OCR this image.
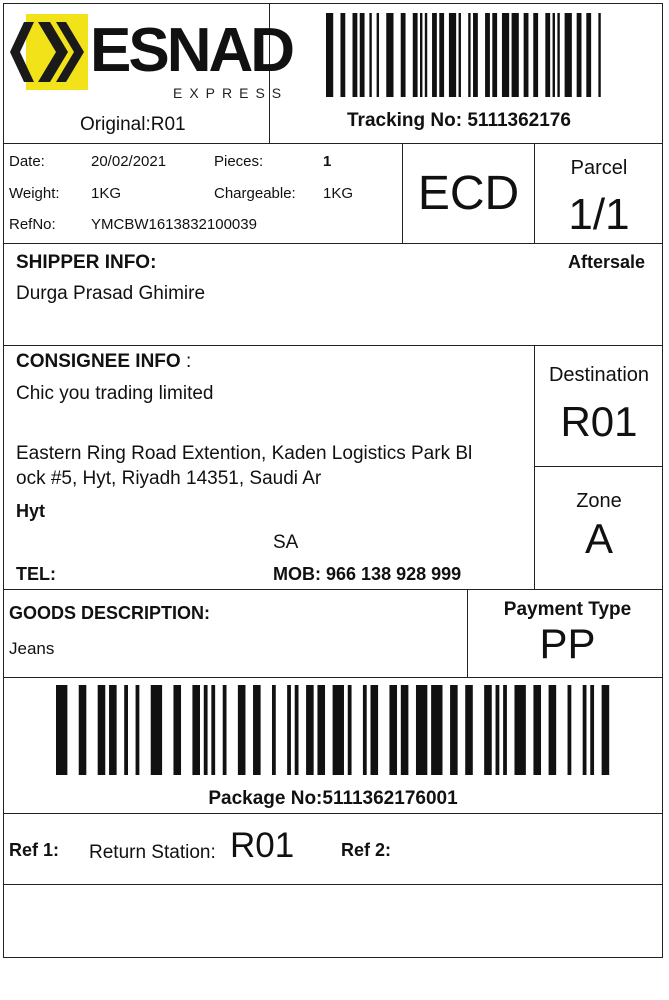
ESNAD
EXPRESS
Original:R01	Tracking No: 5111362176
Date:	20/02/2021	Pieces:	1
Weight: 1KG	Chargeable: 1KG
RefNo: YMCBW1613832100039
ECD	Parcel
1/1
SHIPPER INFO:	Aftersale
Durga Prasad Ghimire
CONSIGNEE INFO :
Chic you trading limited
Eastern Ring Road Extention, Kaden Logistics Park Bl
ock #5, Hyt, Riyadh 14351, Saudi Ar
Hyt
SA
TEL:	MOB: 966 138 928 999
Destination
R01
Zone
A
GOODS DESCRIPTION:
Jeans
Payment Type
PP
Package No:5111362176001
Ref 1: Return Station: R01	Ref 2:
